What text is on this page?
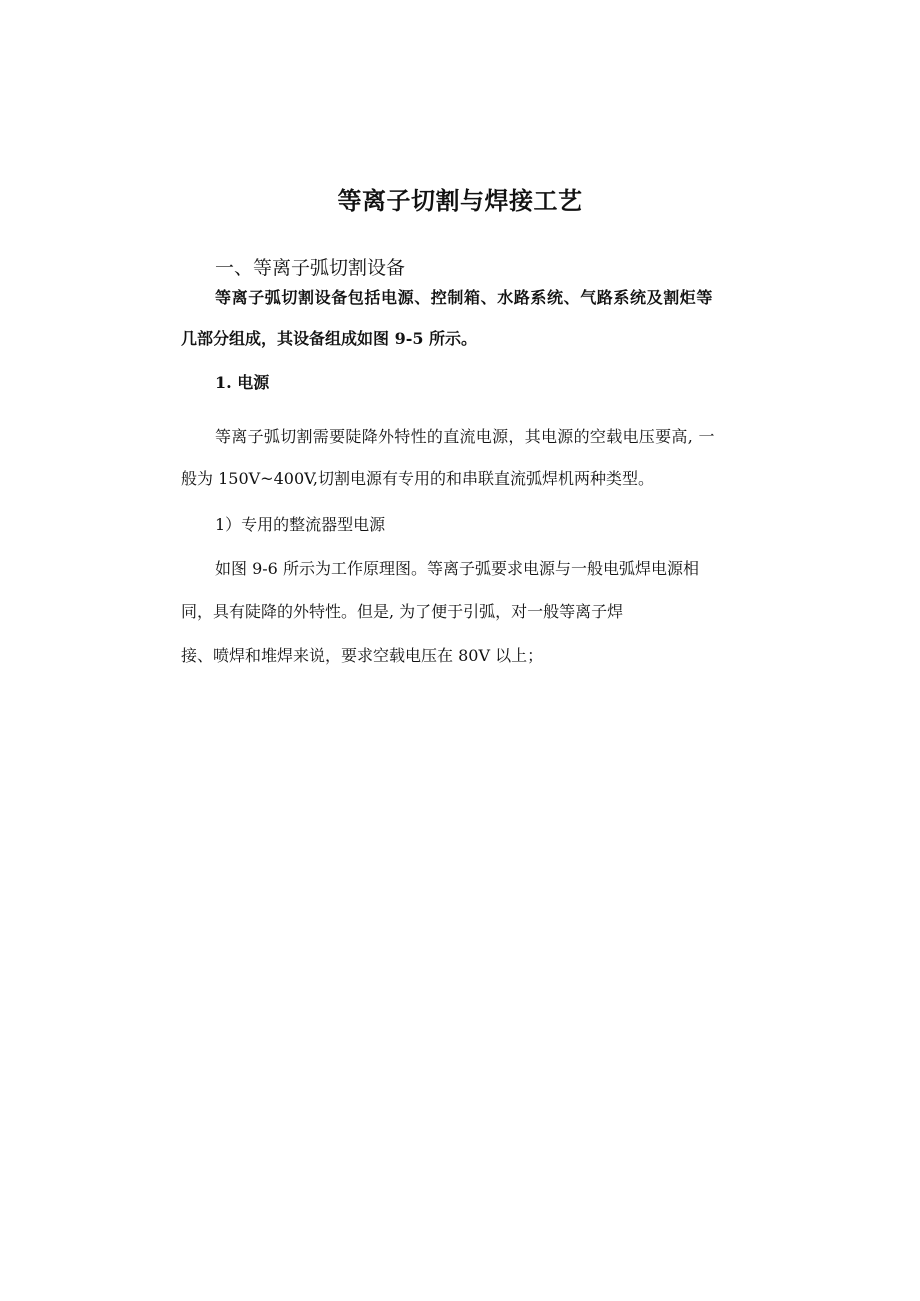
等离子切割与焊接工艺

一、等离子弧切割设备

等离子弧切割设备包括电源、控制箱、水路系统、气路系统及割炬等

几部分组成，其设备组成如图 9-5 所示。

1. 电源

等离子弧切割需要陡降外特性的直流电源，其电源的空载电压要高, 一

般为 150V~400V,切割电源有专用的和串联直流弧焊机两种类型。

1）专用的整流器型电源

如图 9-6 所示为工作原理图。等离子弧要求电源与一般电弧焊电源相

同，具有陡降的外特性。但是, 为了便于引弧，对一般等离子焊

接、喷焊和堆焊来说，要求空载电压在 80V 以上；
